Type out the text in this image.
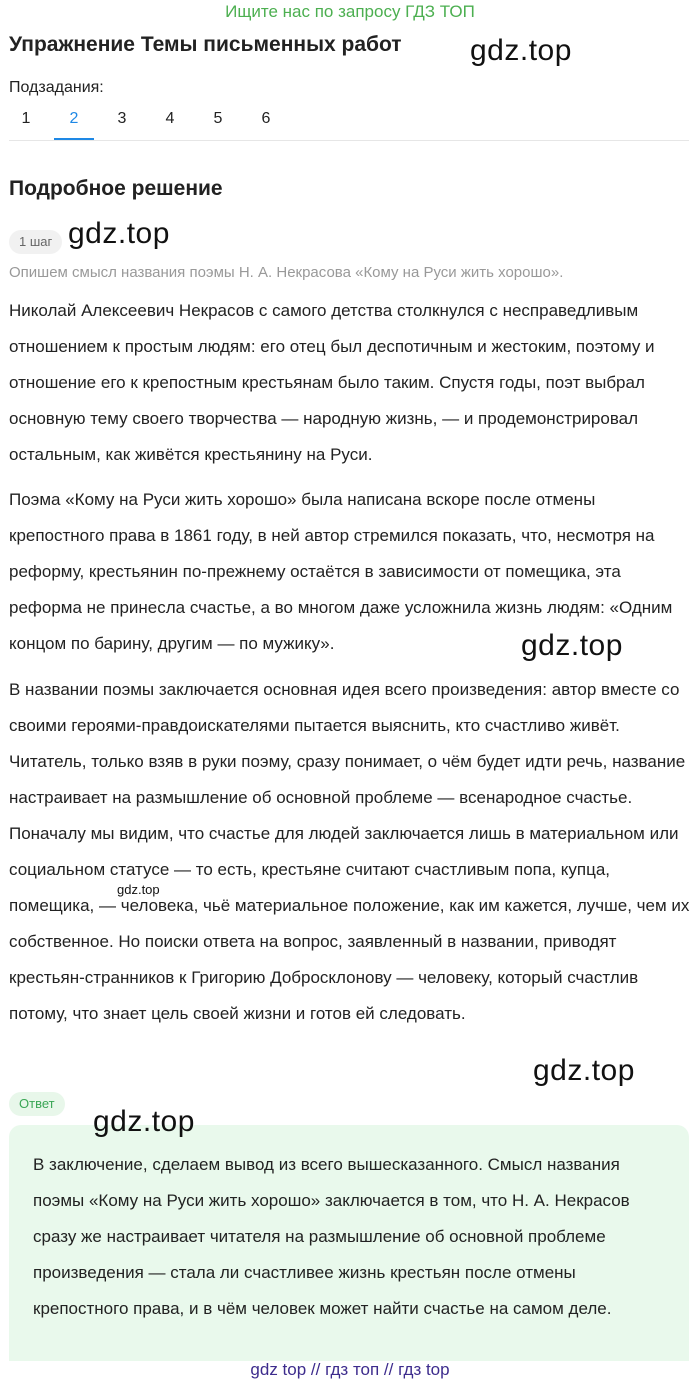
Ищите нас по запросу ГДЗ ТОП
Упражнение Темы письменных работ gdz.top
Подзадания:
1	2	3	4	5	6
Подробное решение
1 шаг gdz.top
Опишем смысл названия поэмы Н. А. Некрасова «Кому на Руси жить хорошо».
Николай Алексеевич Некрасов с самого детства столкнулся с несправедливым отношением к простым людям: его отец был деспотичным и жестоким, поэтому и отношение его к крепостным крестьянам было таким. Спустя годы, поэт выбрал основную тему своего творчества — народную жизнь, — и продемонстрировал остальным, как живётся крестьянину на Руси.
Поэма «Кому на Руси жить хорошо» была написана вскоре после отмены крепостного права в 1861 году, в ней автор стремился показать, что, несмотря на реформу, крестьянин по-прежнему остаётся в зависимости от помещика, эта реформа не принесла счастье, а во многом даже усложнила жизнь людям: «Одним концом по барину, другим — по мужику».	gdz.top
В названии поэмы заключается основная идея всего произведения: автор вместе со своими героями-правдоискателями пытается выяснить, кто счастливо живёт. Читатель, только взяв в руки поэму, сразу понимает, о чём будет идти речь, название настраивает на размышление об основной проблеме — всенародное счастье. Поначалу мы видим, что счастье для людей заключается лишь в материальном или социальном статусе — то есть, крестьяне считают счастливым попа, купца, помещика, — человека, чьё материальное положение, как им кажется, лучше, чем их собственное. Но поиски ответа на вопрос, заявленный в названии, приводят крестьян-странников к Григорию Добросклонову — человеку, который счастлив потому, что знает цель своей жизни и готов ей следовать.
gdz.top
gdz.top
Ответ
В заключение, сделаем вывод из всего вышесказанного. Смысл названия поэмы «Кому на Руси жить хорошо» заключается в том, что Н. А. Некрасов сразу же настраивает читателя на размышление об основной проблеме произведения — стала ли счастливее жизнь крестьян после отмены крепостного права, и в чём человек может найти счастье на самом деле.
gdz.top
gdz top // гдз топ // гдз top
